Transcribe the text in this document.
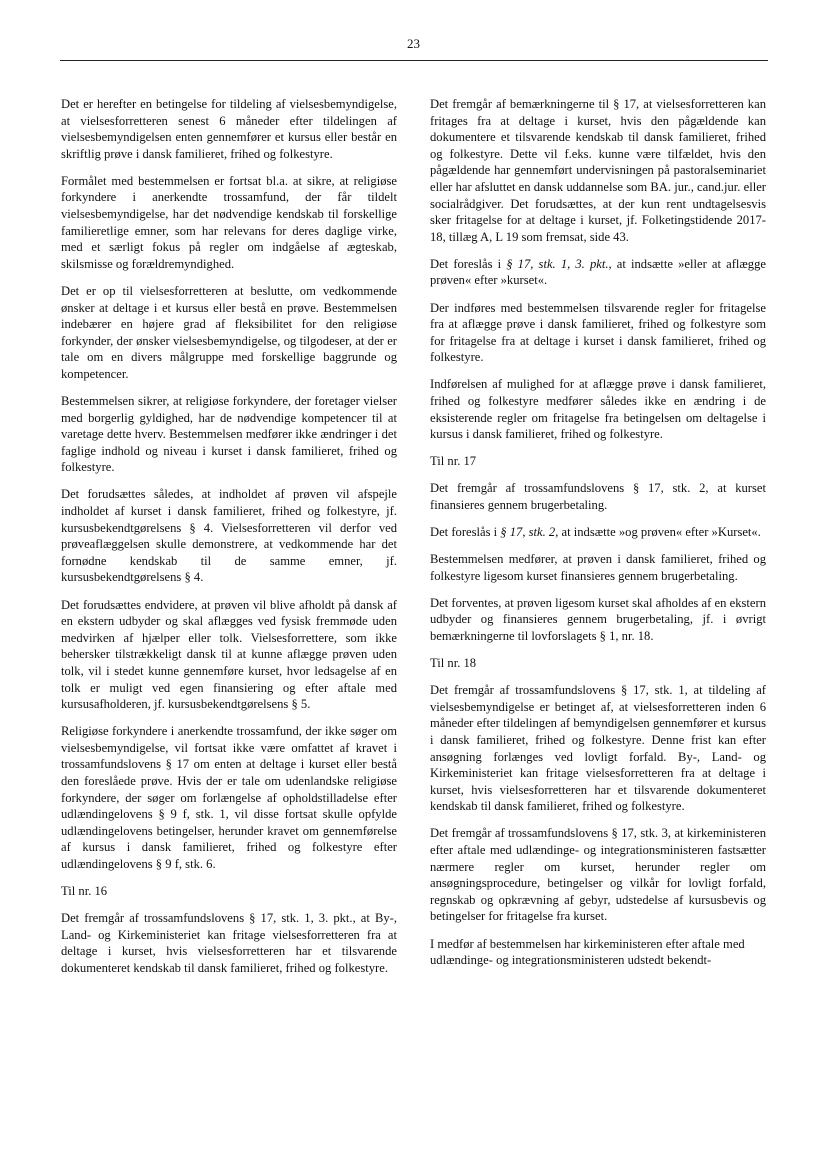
23

Det er herefter en betingelse for tildeling af vielsesbemyndigelse, at vielsesforretteren senest 6 måneder efter tildelingen af vielsesbemyndigelsen enten gennemfører et kursus eller består en skriftlig prøve i dansk familieret, frihed og folkestyre.

Formålet med bestemmelsen er fortsat bl.a. at sikre, at religiøse forkyndere i anerkendte trossamfund, der får tildelt vielsesbemyndigelse, har det nødvendige kendskab til forskellige familieretlige emner, som har relevans for deres daglige virke, med et særligt fokus på regler om indgåelse af ægteskab, skilsmisse og forældremyndighed.

Det er op til vielsesforretteren at beslutte, om vedkommende ønsker at deltage i et kursus eller bestå en prøve. Bestemmelsen indebærer en højere grad af fleksibilitet for den religiøse forkynder, der ønsker vielsesbemyndigelse, og tilgodeser, at der er tale om en divers målgruppe med forskellige baggrunde og kompetencer.

Bestemmelsen sikrer, at religiøse forkyndere, der foretager vielser med borgerlig gyldighed, har de nødvendige kompetencer til at varetage dette hverv. Bestemmelsen medfører ikke ændringer i det faglige indhold og niveau i kurset i dansk familieret, frihed og folkestyre.

Det forudsættes således, at indholdet af prøven vil afspejle indholdet af kurset i dansk familieret, frihed og folkestyre, jf. kursusbekendtgørelsens § 4. Vielsesforretteren vil derfor ved prøveaflæggelsen skulle demonstrere, at vedkommende har det fornødne kendskab til de samme emner, jf. kursusbekendtgørelsens § 4.

Det forudsættes endvidere, at prøven vil blive afholdt på dansk af en ekstern udbyder og skal aflægges ved fysisk fremmøde uden medvirken af hjælper eller tolk. Vielsesforrettere, som ikke behersker tilstrækkeligt dansk til at kunne aflægge prøven uden tolk, vil i stedet kunne gennemføre kurset, hvor ledsagelse af en tolk er muligt ved egen finansiering og efter aftale med kursusafholderen, jf. kursusbekendtgørelsens § 5.

Religiøse forkyndere i anerkendte trossamfund, der ikke søger om vielsesbemyndigelse, vil fortsat ikke være omfattet af kravet i trossamfundslovens § 17 om enten at deltage i kurset eller bestå den foreslåede prøve. Hvis der er tale om udenlandske religiøse forkyndere, der søger om forlængelse af opholdstilladelse efter udlændingelovens § 9 f, stk. 1, vil disse fortsat skulle opfylde udlændingelovens betingelser, herunder kravet om gennemførelse af kursus i dansk familieret, frihed og folkestyre efter udlændingelovens § 9 f, stk. 6.

Til nr. 16

Det fremgår af trossamfundslovens § 17, stk. 1, 3. pkt., at By-, Land- og Kirkeministeriet kan fritage vielsesforretteren fra at deltage i kurset, hvis vielsesforretteren har et tilsvarende dokumenteret kendskab til dansk familieret, frihed og folkestyre.

Det fremgår af bemærkningerne til § 17, at vielsesforretteren kan fritages fra at deltage i kurset, hvis den pågældende kan dokumentere et tilsvarende kendskab til dansk familieret, frihed og folkestyre. Dette vil f.eks. kunne være tilfældet, hvis den pågældende har gennemført undervisningen på pastoralseminariet eller har afsluttet en dansk uddannelse som BA. jur., cand.jur. eller socialrådgiver. Det forudsættes, at der kun rent undtagelsesvis sker fritagelse for at deltage i kurset, jf. Folketingstidende 2017-18, tillæg A, L 19 som fremsat, side 43.

Det foreslås i § 17, stk. 1, 3. pkt., at indsætte »eller at aflægge prøven« efter »kurset«.

Der indføres med bestemmelsen tilsvarende regler for fritagelse fra at aflægge prøve i dansk familieret, frihed og folkestyre som for fritagelse fra at deltage i kurset i dansk familieret, frihed og folkestyre.

Indførelsen af mulighed for at aflægge prøve i dansk familieret, frihed og folkestyre medfører således ikke en ændring i de eksisterende regler om fritagelse fra betingelsen om deltagelse i kursus i dansk familieret, frihed og folkestyre.

Til nr. 17

Det fremgår af trossamfundslovens § 17, stk. 2, at kurset finansieres gennem brugerbetaling.

Det foreslås i § 17, stk. 2, at indsætte »og prøven« efter »Kurset«.

Bestemmelsen medfører, at prøven i dansk familieret, frihed og folkestyre ligesom kurset finansieres gennem brugerbetaling.

Det forventes, at prøven ligesom kurset skal afholdes af en ekstern udbyder og finansieres gennem brugerbetaling, jf. i øvrigt bemærkningerne til lovforslagets § 1, nr. 18.

Til nr. 18

Det fremgår af trossamfundslovens § 17, stk. 1, at tildeling af vielsesbemyndigelse er betinget af, at vielsesforretteren inden 6 måneder efter tildelingen af bemyndigelsen gennemfører et kursus i dansk familieret, frihed og folkestyre. Denne frist kan efter ansøgning forlænges ved lovligt forfald. By-, Land- og Kirkeministeriet kan fritage vielsesforretteren fra at deltage i kurset, hvis vielsesforretteren har et tilsvarende dokumenteret kendskab til dansk familieret, frihed og folkestyre.

Det fremgår af trossamfundslovens § 17, stk. 3, at kirkeministeren efter aftale med udlændinge- og integrationsministeren fastsætter nærmere regler om kurset, herunder regler om ansøgningsprocedure, betingelser og vilkår for lovligt forfald, regnskab og opkrævning af gebyr, udstedelse af kursusbevis og betingelser for fritagelse fra kurset.

I medfør af bestemmelsen har kirkeministeren efter aftale med udlændinge- og integrationsministeren udstedt bekendt-
